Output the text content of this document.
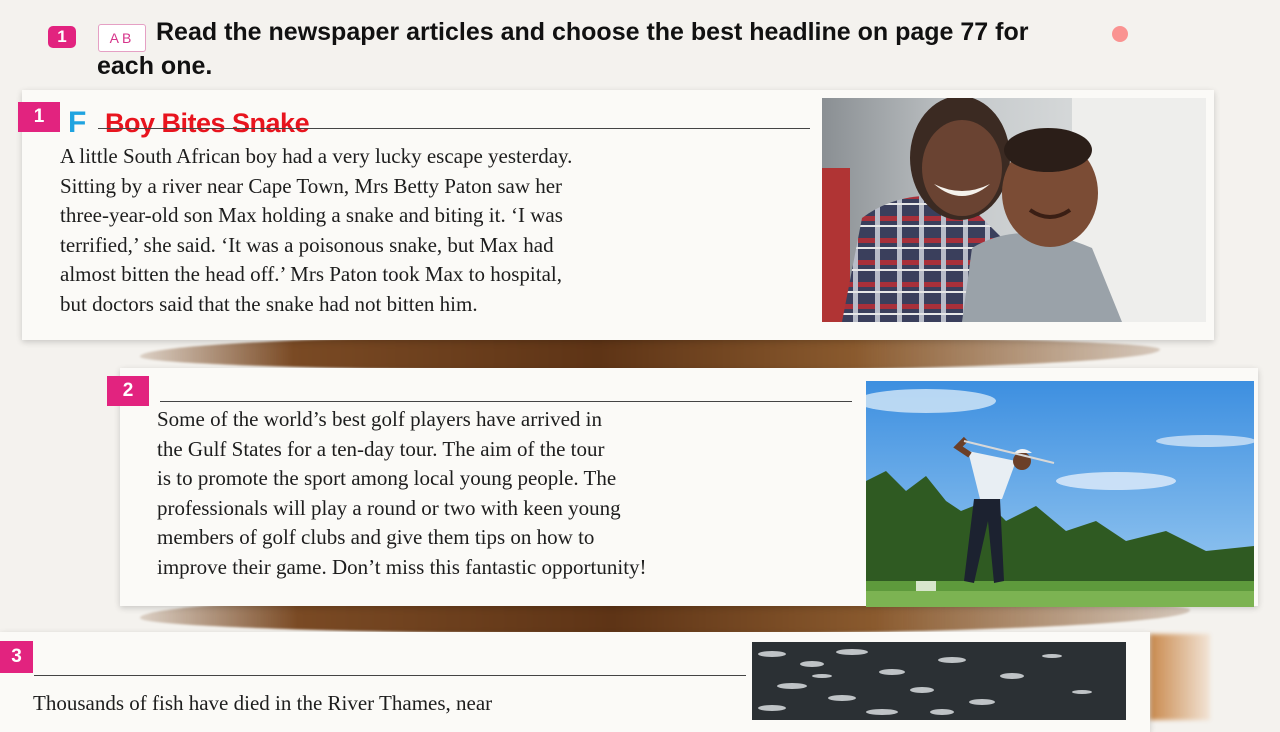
1	AB Read the newspaper articles and choose the best headline on page 77 for
each one.
1 F Boy Bites Snake

A little South African boy had a very lucky escape yesterday.

Sitting by a river near Cape Town, Mrs Betty Paton saw her

three-year-old son Max holding a snake and biting it. ‘I was

terrified,’ she said. ‘It was a poisonous snake, but Max had

almost bitten the head off.’ Mrs Paton took Max to hospital,

but doctors said that the snake had not bitten him.

2

Some of the world’s best golf players have arrived in

the Gulf States for a ten-day tour. The aim of the tour

is to promote the sport among local young people. The

professionals will play a round or two with keen young

members of golf clubs and give them tips on how to

improve their game. Don’t miss this fantastic opportunity!

3

Thousands of fish have died in the River Thames, near
